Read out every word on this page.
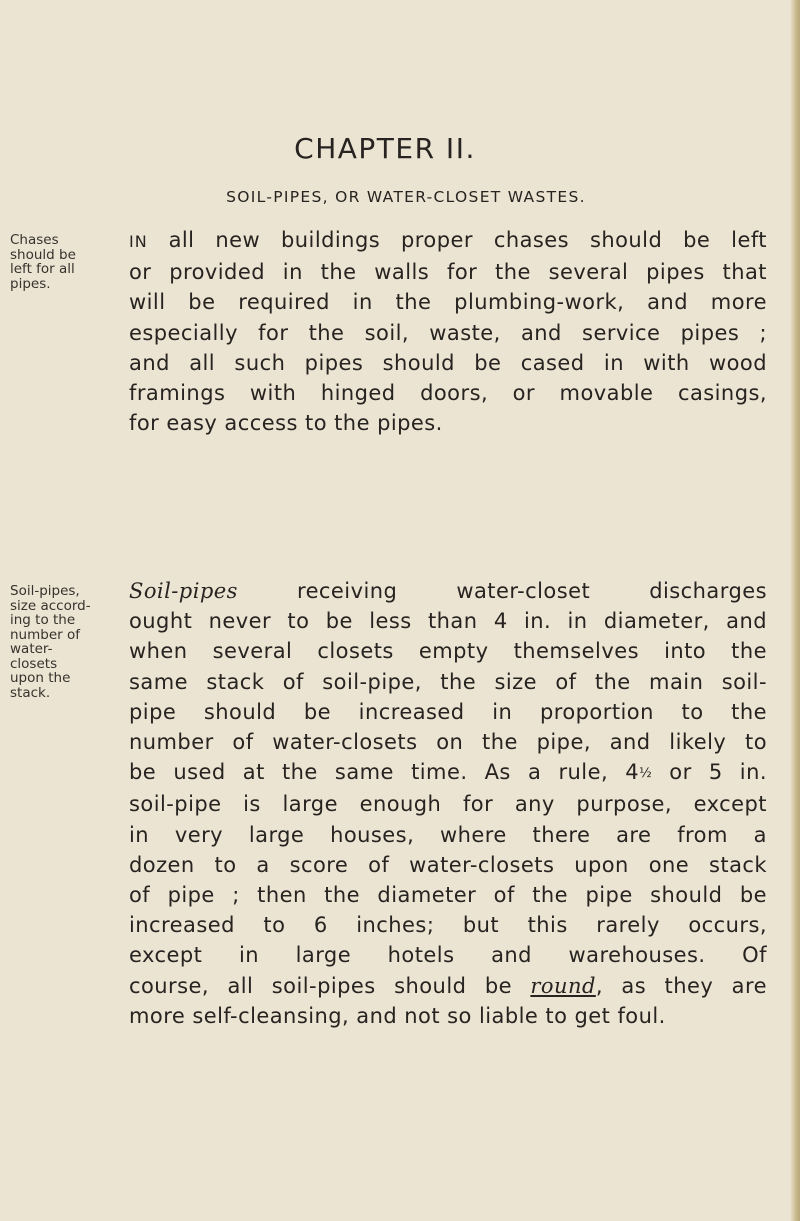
CHAPTER II.
SOIL-PIPES, OR WATER-CLOSET WASTES.
Chases
should be
left for all
pipes.
IN all new buildings proper chases should be left
or provided in the walls for the several pipes that
will be required in the plumbing-work, and more
especially for the soil, waste, and service pipes ;
and all such pipes should be cased in with wood
framings with hinged doors, or movable casings,
for easy access to the pipes.
Soil-pipes,
size accord-
ing to the
number of
water-
closets
upon the
stack.
Soil-pipes receiving water-closet discharges
ought never to be less than 4 in. in diameter, and
when several closets empty themselves into the
same stack of soil-pipe, the size of the main soil-
pipe should be increased in proportion to the
number of water-closets on the pipe, and likely to
be used at the same time. As a rule, 4½ or 5 in.
soil-pipe is large enough for any purpose, except
in very large houses, where there are from a
dozen to a score of water-closets upon one stack
of pipe ; then the diameter of the pipe should be
increased to 6 inches; but this rarely occurs,
except in large hotels and warehouses. Of
course, all soil-pipes should be round, as they are
more self-cleansing, and not so liable to get foul.
